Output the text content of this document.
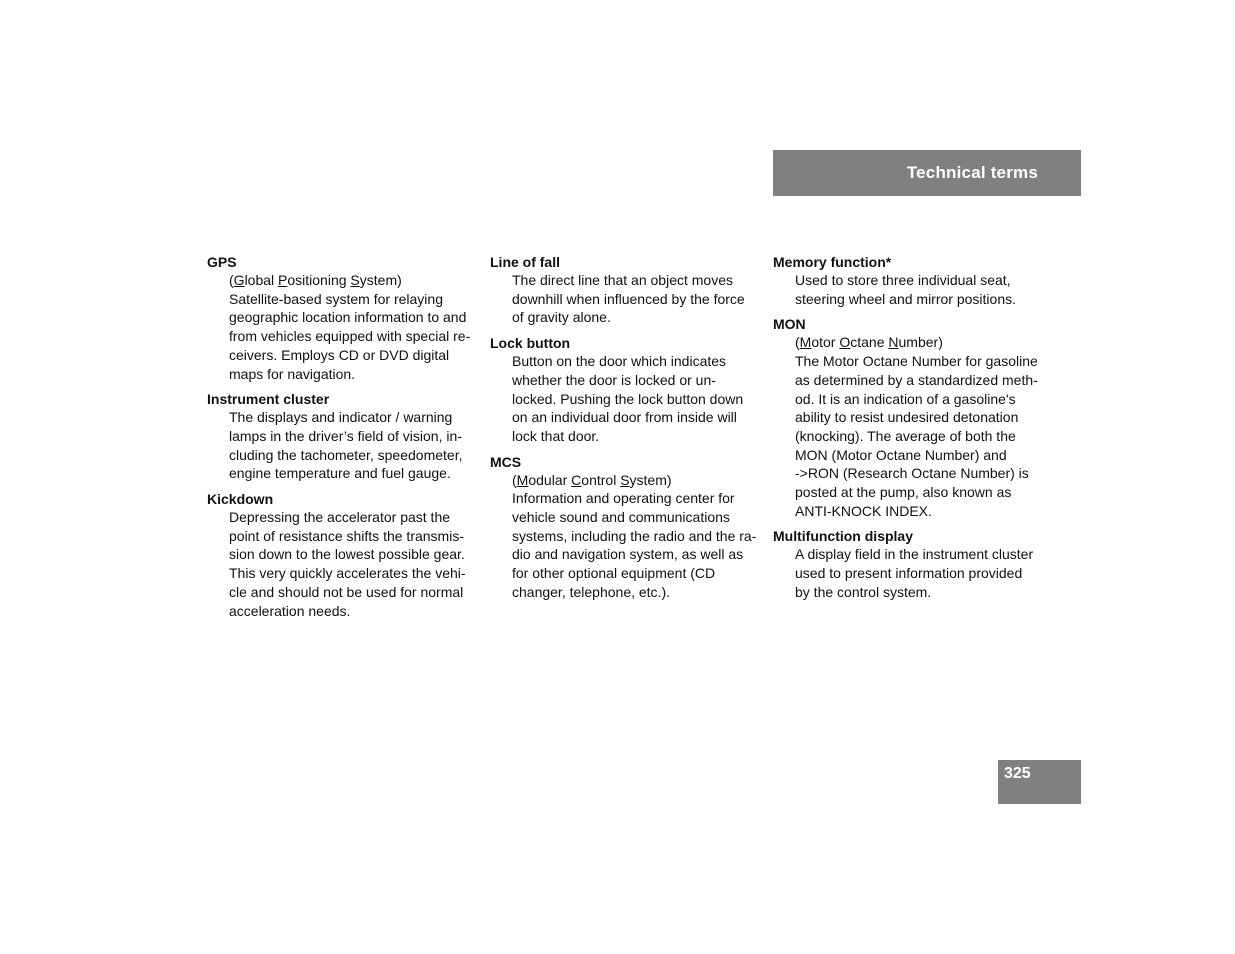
Technical terms
GPS
(Global Positioning System)
Satellite-based system for relaying
geographic location information to and
from vehicles equipped with special re-
ceivers. Employs CD or DVD digital
maps for navigation.
Instrument cluster
The displays and indicator / warning
lamps in the driver’s field of vision, in-
cluding the tachometer, speedometer,
engine temperature and fuel gauge.
Kickdown
Depressing the accelerator past the
point of resistance shifts the transmis-
sion down to the lowest possible gear.
This very quickly accelerates the vehi-
cle and should not be used for normal
acceleration needs.
Line of fall
The direct line that an object moves
downhill when influenced by the force
of gravity alone.
Lock button
Button on the door which indicates
whether the door is locked or un-
locked. Pushing the lock button down
on an individual door from inside will
lock that door.
MCS
(Modular Control System)
Information and operating center for
vehicle sound and communications
systems, including the radio and the ra-
dio and navigation system, as well as
for other optional equipment (CD
changer, telephone, etc.).
Memory function*
Used to store three individual seat,
steering wheel and mirror positions.
MON
(Motor Octane Number)
The Motor Octane Number for gasoline
as determined by a standardized meth-
od. It is an indication of a gasoline's
ability to resist undesired detonation
(knocking). The average of both the
MON (Motor Octane Number) and
->RON (Research Octane Number) is
posted at the pump, also known as
ANTI-KNOCK INDEX.
Multifunction display
A display field in the instrument cluster
used to present information provided
by the control system.
325
